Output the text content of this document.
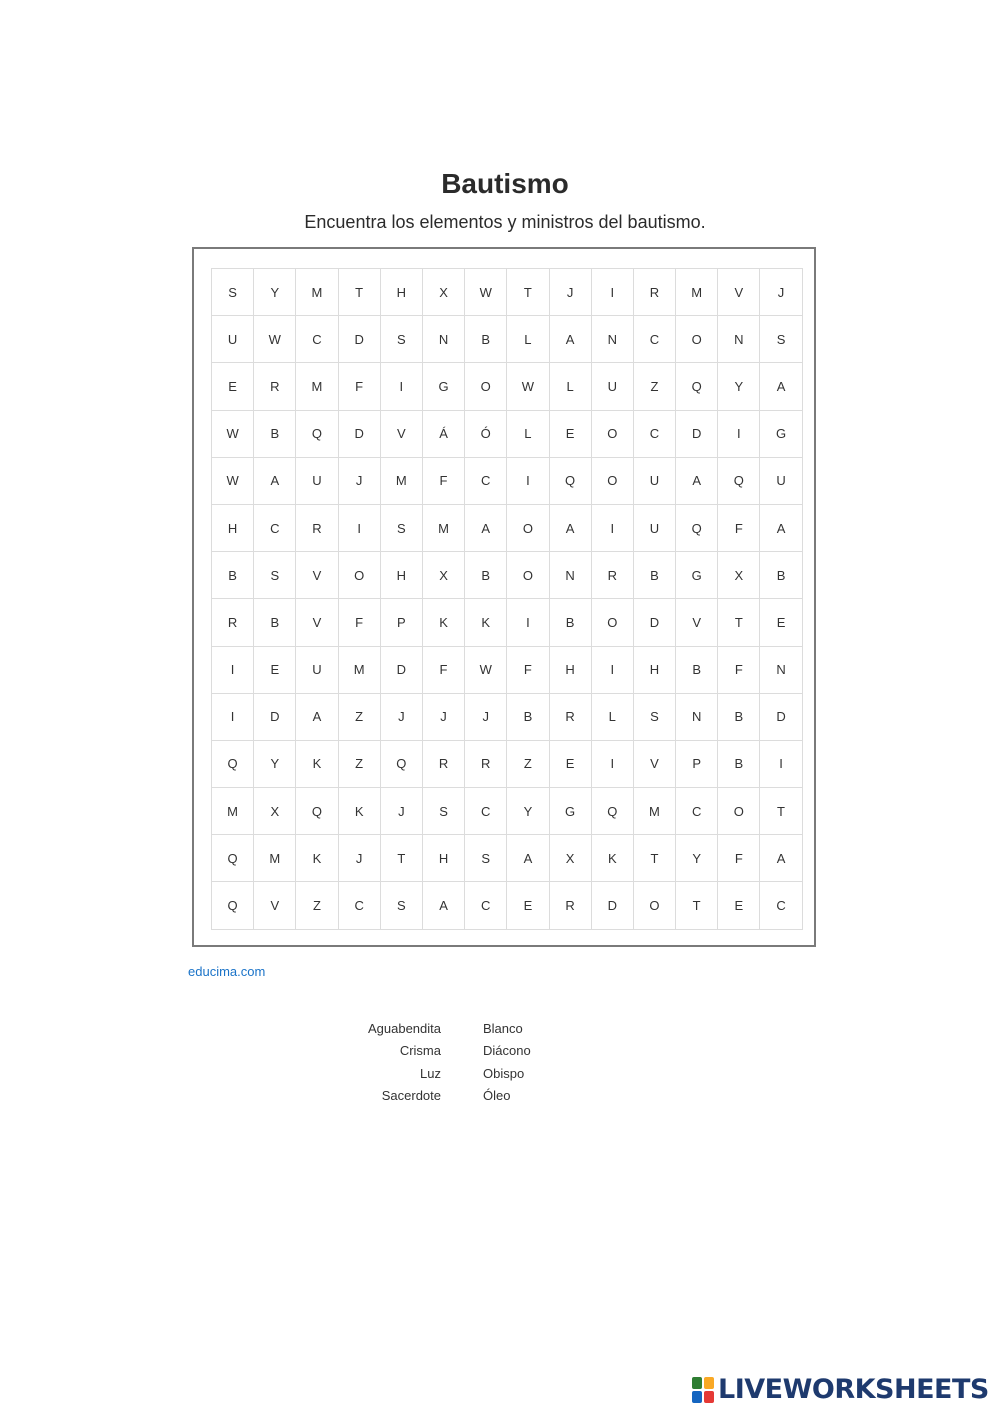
Bautismo
Encuentra los elementos y ministros del bautismo.
S	Y	M	T	H	X	W	T	J	I	R	M	V	J
U	W	C	D	S	N	B	L	A	N	C	O	N	S
E	R	M	F	I	G	O	W	L	U	Z	Q	Y	A
W	B	Q	D	V	Á	Ó	L	E	O	C	D	I	G
W	A	U	J	M	F	C	I	Q	O	U	A	Q	U
H	C	R	I	S	M	A	O	A	I	U	Q	F	A
B	S	V	O	H	X	B	O	N	R	B	G	X	B
R	B	V	F	P	K	K	I	B	O	D	V	T	E
I	E	U	M	D	F	W	F	H	I	H	B	F	N
I	D	A	Z	J	J	J	B	R	L	S	N	B	D
Q	Y	K	Z	Q	R	R	Z	E	I	V	P	B	I
M	X	Q	K	J	S	C	Y	G	Q	M	C	O	T
Q	M	K	J	T	H	S	A	X	K	T	Y	F	A
Q	V	Z	C	S	A	C	E	R	D	O	T	E	C
educima.com
Aguabendita	Blanco
Crisma	Diácono
Luz	Obispo
Sacerdote	Óleo
LIVEWORKSHEETS
